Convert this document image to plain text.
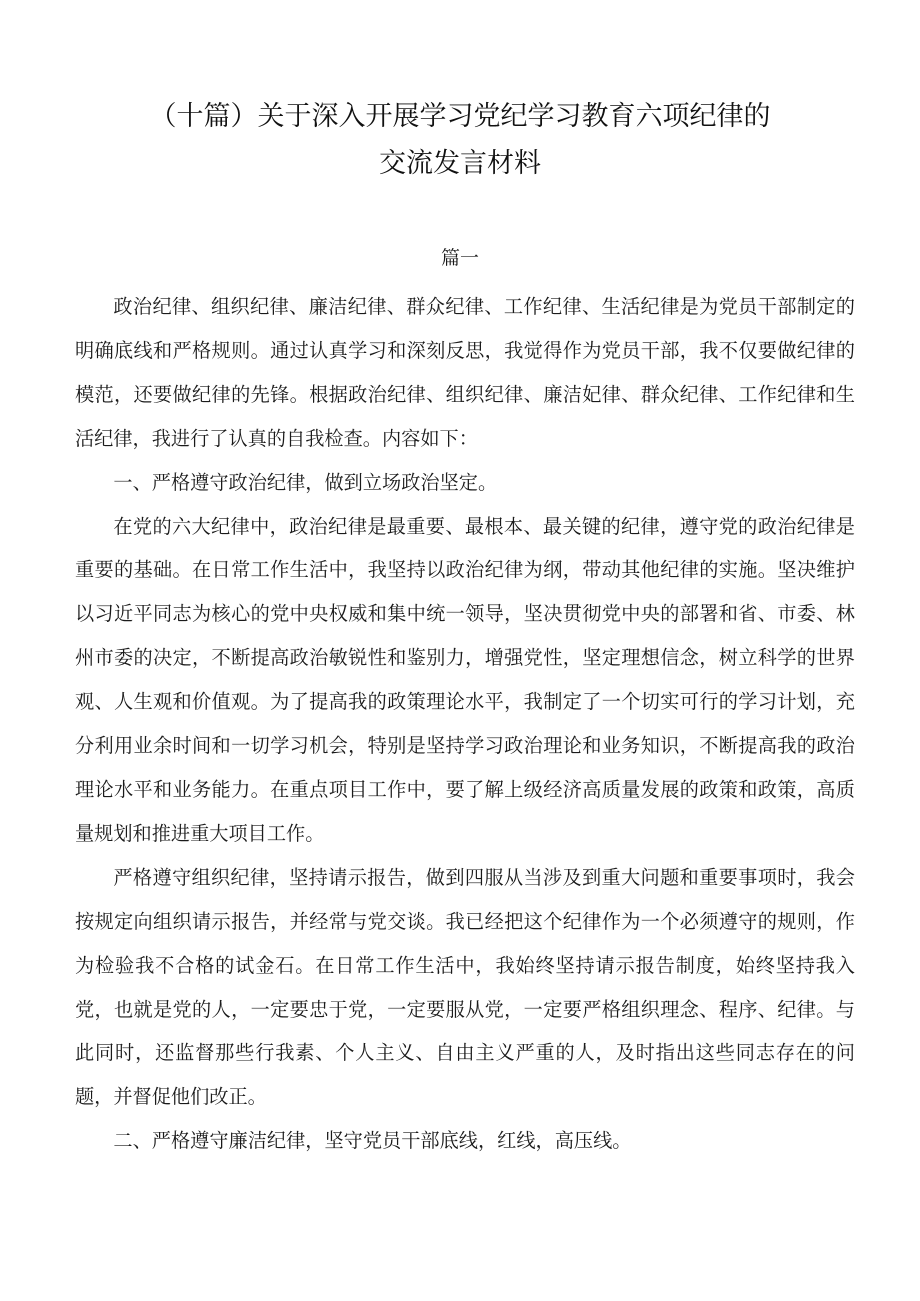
（十篇）关于深入开展学习党纪学习教育六项纪律的
交流发言材料
篇一

政治纪律、组织纪律、廉洁纪律、群众纪律、工作纪律、生活纪律是为党员干部制定的明确底线和严格规则。通过认真学习和深刻反思，我觉得作为党员干部，我不仅要做纪律的模范，还要做纪律的先锋。根据政治纪律、组织纪律、廉洁妃律、群众纪律、工作纪律和生活纪律，我进行了认真的自我检查。内容如下：

一、严格遵守政治纪律，做到立场政治坚定。

在党的六大纪律中，政治纪律是最重要、最根本、最关键的纪律，遵守党的政治纪律是重要的基础。在日常工作生活中，我坚持以政治纪律为纲，带动其他纪律的实施。坚决维护以习近平同志为核心的党中央权威和集中统一领导，坚决贯彻党中央的部署和省、市委、林州市委的决定，不断提高政治敏锐性和鉴别力，增强党性，坚定理想信念，树立科学的世界观、人生观和价值观。为了提高我的政策理论水平，我制定了一个切实可行的学习计划，充分利用业余时间和一切学习机会，特别是坚持学习政治理论和业务知识，不断提高我的政治理论水平和业务能力。在重点项目工作中，要了解上级经济高质量发展的政策和政策，高质量规划和推进重大项目工作。

严格遵守组织纪律，坚持请示报告，做到四服从当涉及到重大问题和重要事项时，我会按规定向组织请示报告，并经常与党交谈。我已经把这个纪律作为一个必须遵守的规则，作为检验我不合格的试金石。在日常工作生活中，我始终坚持请示报告制度，始终坚持我入党，也就是党的人，一定要忠于党，一定要服从党，一定要严格组织理念、程序、纪律。与此同时，还监督那些行我素、个人主义、自由主义严重的人，及时指出这些同志存在的问题，并督促他们改正。

二、严格遵守廉洁纪律，坚守党员干部底线，红线，高压线。
